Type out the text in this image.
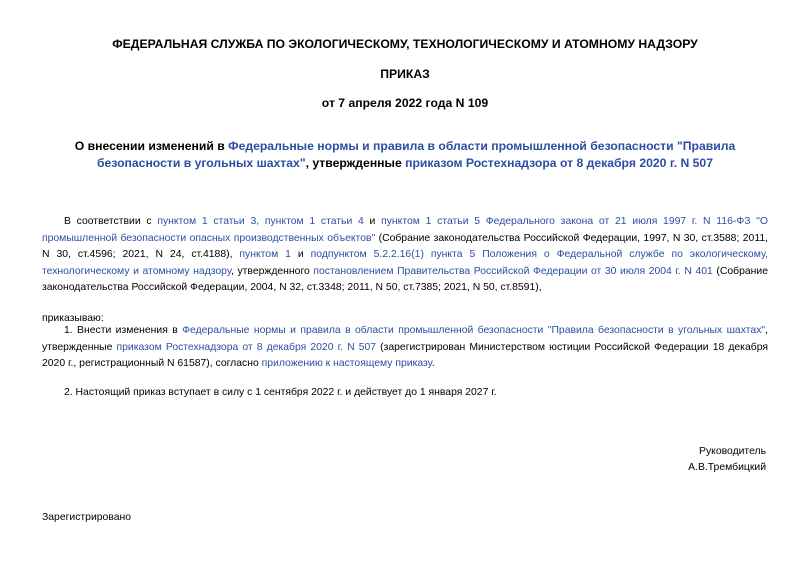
ФЕДЕРАЛЬНАЯ СЛУЖБА ПО ЭКОЛОГИЧЕСКОМУ, ТЕХНОЛОГИЧЕСКОМУ И АТОМНОМУ НАДЗОРУ
ПРИКАЗ
от 7 апреля 2022 года N 109
О внесении изменений в Федеральные нормы и правила в области промышленной безопасности "Правила безопасности в угольных шахтах", утвержденные приказом Ростехнадзора от 8 декабря 2020 г. N 507
В соответствии с пунктом 1 статьи 3, пунктом 1 статьи 4 и пунктом 1 статьи 5 Федерального закона от 21 июля 1997 г. N 116-ФЗ "О промышленной безопасности опасных производственных объектов" (Собрание законодательства Российской Федерации, 1997, N 30, ст.3588; 2011, N 30, ст.4596; 2021, N 24, ст.4188), пунктом 1 и подпунктом 5.2.2.16(1) пункта 5 Положения о Федеральной службе по экологическому, технологическому и атомному надзору, утвержденного постановлением Правительства Российской Федерации от 30 июля 2004 г. N 401 (Собрание законодательства Российской Федерации, 2004, N 32, ст.3348; 2011, N 50, ст.7385; 2021, N 50, ст.8591),
приказываю:
1. Внести изменения в Федеральные нормы и правила в области промышленной безопасности "Правила безопасности в угольных шахтах", утвержденные приказом Ростехнадзора от 8 декабря 2020 г. N 507 (зарегистрирован Министерством юстиции Российской Федерации 18 декабря 2020 г., регистрационный N 61587), согласно приложению к настоящему приказу.
2. Настоящий приказ вступает в силу с 1 сентября 2022 г. и действует до 1 января 2027 г.
Руководитель
А.В.Трембицкий
Зарегистрировано
